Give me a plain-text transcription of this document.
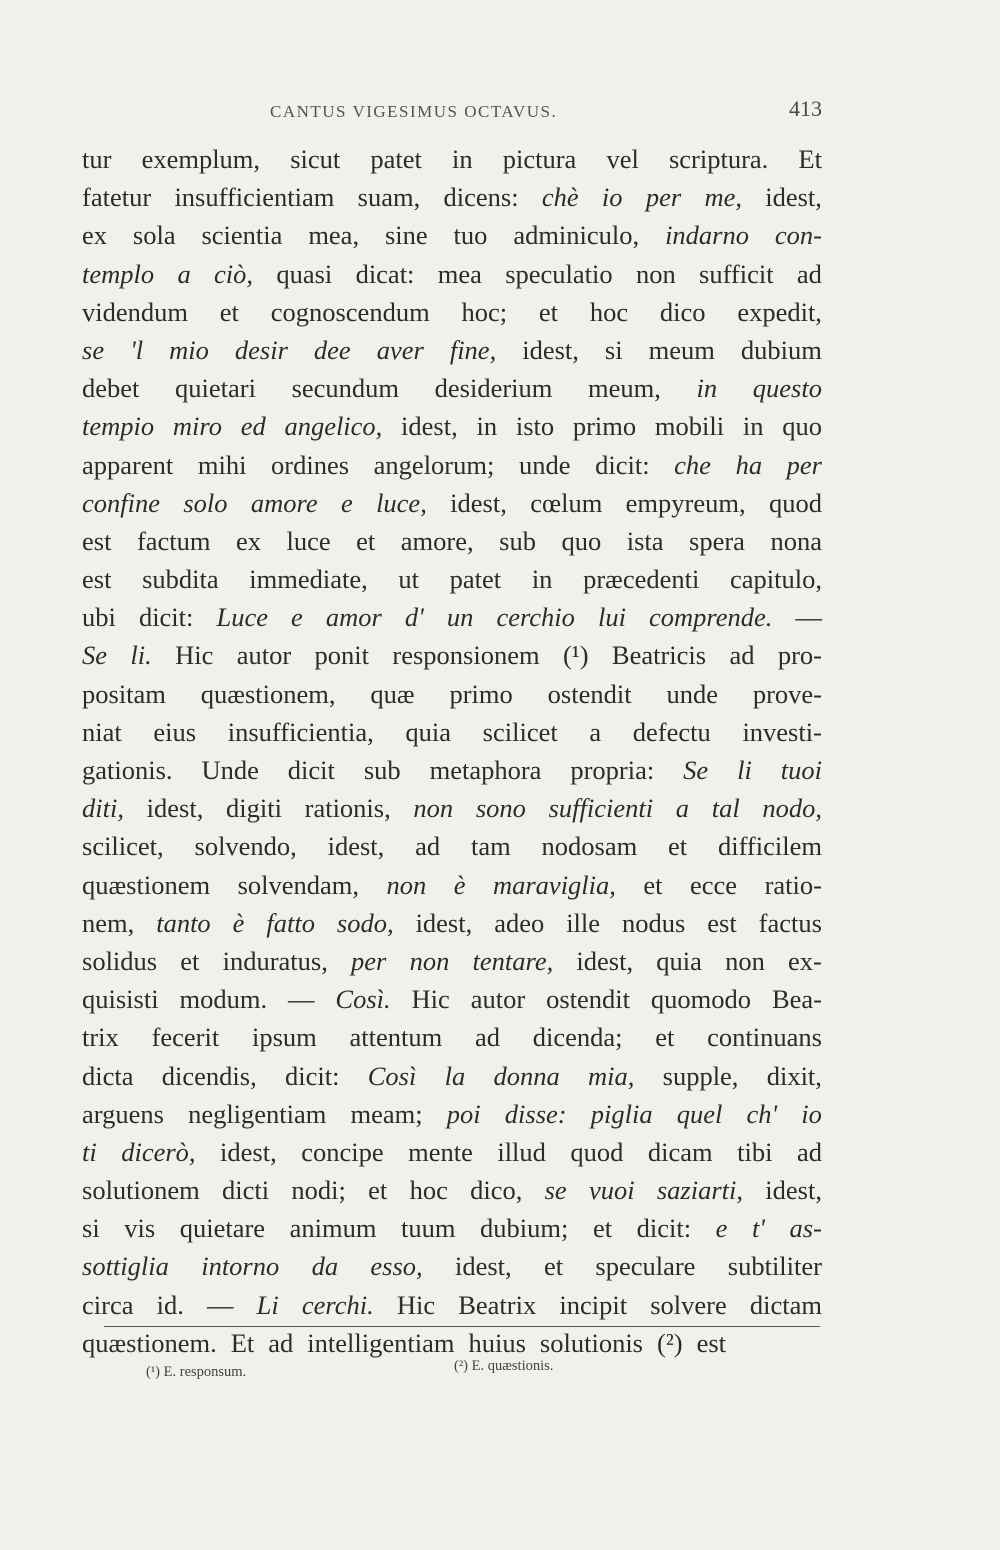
CANTUS VIGESIMUS OCTAVUS.	413
tur exemplum, sicut patet in pictura vel scriptura. Et
fatetur insufficientiam suam, dicens: chè io per me, idest,
ex sola scientia mea, sine tuo adminiculo, indarno con-
templo a ciò, quasi dicat: mea speculatio non sufficit ad
videndum et cognoscendum hoc; et hoc dico expedit,
se 'l mio desir dee aver fine, idest, si meum dubium
debet quietari secundum desiderium meum, in questo
tempio miro ed angelico, idest, in isto primo mobili in quo
apparent mihi ordines angelorum; unde dicit: che ha per
confine solo amore e luce, idest, cœlum empyreum, quod
est factum ex luce et amore, sub quo ista spera nona
est subdita immediate, ut patet in præcedenti capitulo,
ubi dicit: Luce e amor d' un cerchio lui comprende. —
Se li. Hic autor ponit responsionem (¹) Beatricis ad pro-
positam quæstionem, quæ primo ostendit unde prove-
niat eius insufficientia, quia scilicet a defectu investi-
gationis. Unde dicit sub metaphora propria: Se li tuoi
diti, idest, digiti rationis, non sono sufficienti a tal nodo,
scilicet, solvendo, idest, ad tam nodosam et difficilem
quæstionem solvendam, non è maraviglia, et ecce ratio-
nem, tanto è fatto sodo, idest, adeo ille nodus est factus
solidus et induratus, per non tentare, idest, quia non ex-
quisisti modum. — Così. Hic autor ostendit quomodo Bea-
trix fecerit ipsum attentum ad dicenda; et continuans
dicta dicendis, dicit: Così la donna mia, supple, dixit,
arguens negligentiam meam; poi disse: piglia quel ch' io
ti dicerò, idest, concipe mente illud quod dicam tibi ad
solutionem dicti nodi; et hoc dico, se vuoi saziarti, idest,
si vis quietare animum tuum dubium; et dicit: e t' as-
sottiglia intorno da esso, idest, et speculare subtiliter
circa id. — Li cerchi. Hic Beatrix incipit solvere dictam
quæstionem. Et ad intelligentiam huius solutionis (²) est
(¹) E. responsum.	(²) E. quæstionis.
